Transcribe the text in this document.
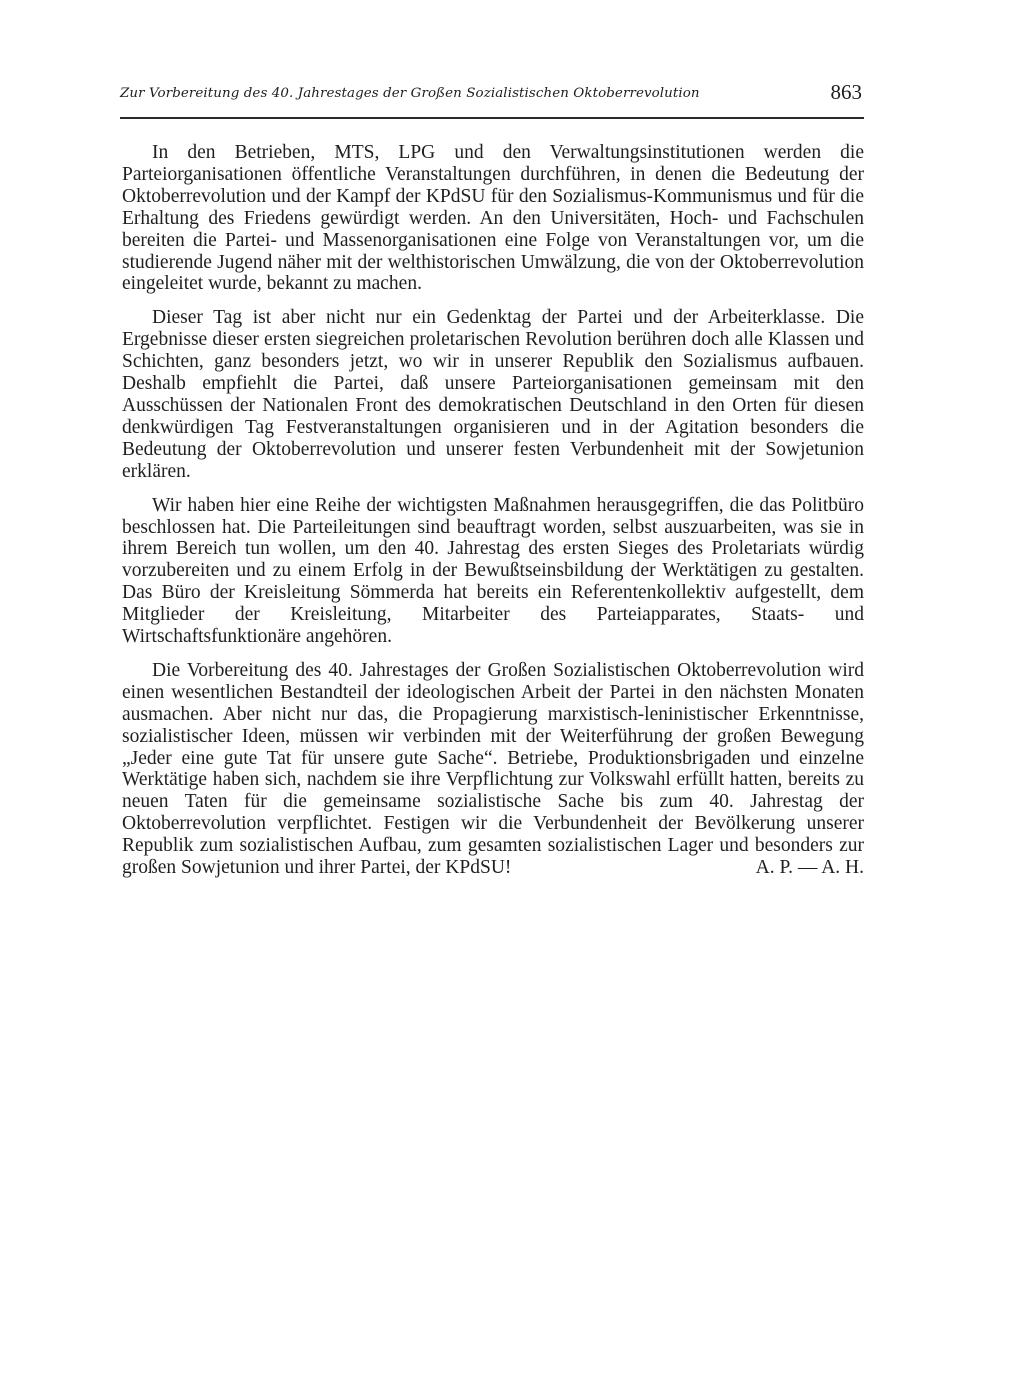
Zur Vorbereitung des 40. Jahrestages der Großen Sozialistischen Oktoberrevolution	863

In den Betrieben, MTS, LPG und den Verwaltungsinstitutionen werden die Parteiorganisationen öffentliche Veranstaltungen durchführen, in denen die Bedeutung der Oktoberrevolution und der Kampf der KPdSU für den Sozialismus-Kommunismus und für die Erhaltung des Friedens gewürdigt werden. An den Universitäten, Hoch- und Fachschulen bereiten die Partei- und Massenorganisationen eine Folge von Veranstaltungen vor, um die studierende Jugend näher mit der welthistorischen Umwälzung, die von der Oktoberrevolution eingeleitet wurde, bekannt zu machen.

Dieser Tag ist aber nicht nur ein Gedenktag der Partei und der Arbeiterklasse. Die Ergebnisse dieser ersten siegreichen proletarischen Revolution berühren doch alle Klassen und Schichten, ganz besonders jetzt, wo wir in unserer Republik den Sozialismus aufbauen. Deshalb empfiehlt die Partei, daß unsere Parteiorganisationen gemeinsam mit den Ausschüssen der Nationalen Front des demokratischen Deutschland in den Orten für diesen denkwürdigen Tag Festveranstaltungen organisieren und in der Agitation besonders die Bedeutung der Oktoberrevolution und unserer festen Verbundenheit mit der Sowjetunion erklären.

Wir haben hier eine Reihe der wichtigsten Maßnahmen herausgegriffen, die das Politbüro beschlossen hat. Die Parteileitungen sind beauftragt worden, selbst auszuarbeiten, was sie in ihrem Bereich tun wollen, um den 40. Jahrestag des ersten Sieges des Proletariats würdig vorzubereiten und zu einem Erfolg in der Bewußtseinsbildung der Werktätigen zu gestalten. Das Büro der Kreisleitung Sömmerda hat bereits ein Referentenkollektiv aufgestellt, dem Mitglieder der Kreisleitung, Mitarbeiter des Parteiapparates, Staats- und Wirtschaftsfunktionäre angehören.

Die Vorbereitung des 40. Jahrestages der Großen Sozialistischen Oktoberrevolution wird einen wesentlichen Bestandteil der ideologischen Arbeit der Partei in den nächsten Monaten ausmachen. Aber nicht nur das, die Propagierung marxistisch-leninistischer Erkenntnisse, sozialistischer Ideen, müssen wir verbinden mit der Weiterführung der großen Bewegung „Jeder eine gute Tat für unsere gute Sache“. Betriebe, Produktionsbrigaden und einzelne Werktätige haben sich, nachdem sie ihre Verpflichtung zur Volkswahl erfüllt hatten, bereits zu neuen Taten für die gemeinsame sozialistische Sache bis zum 40. Jahrestag der Oktoberrevolution verpflichtet. Festigen wir die Verbundenheit der Bevölkerung unserer Republik zum sozialistischen Aufbau, zum gesamten sozialistischen Lager und besonders zur großen Sowjetunion und ihrer Partei, der KPdSU!	A. P. — A. H.
